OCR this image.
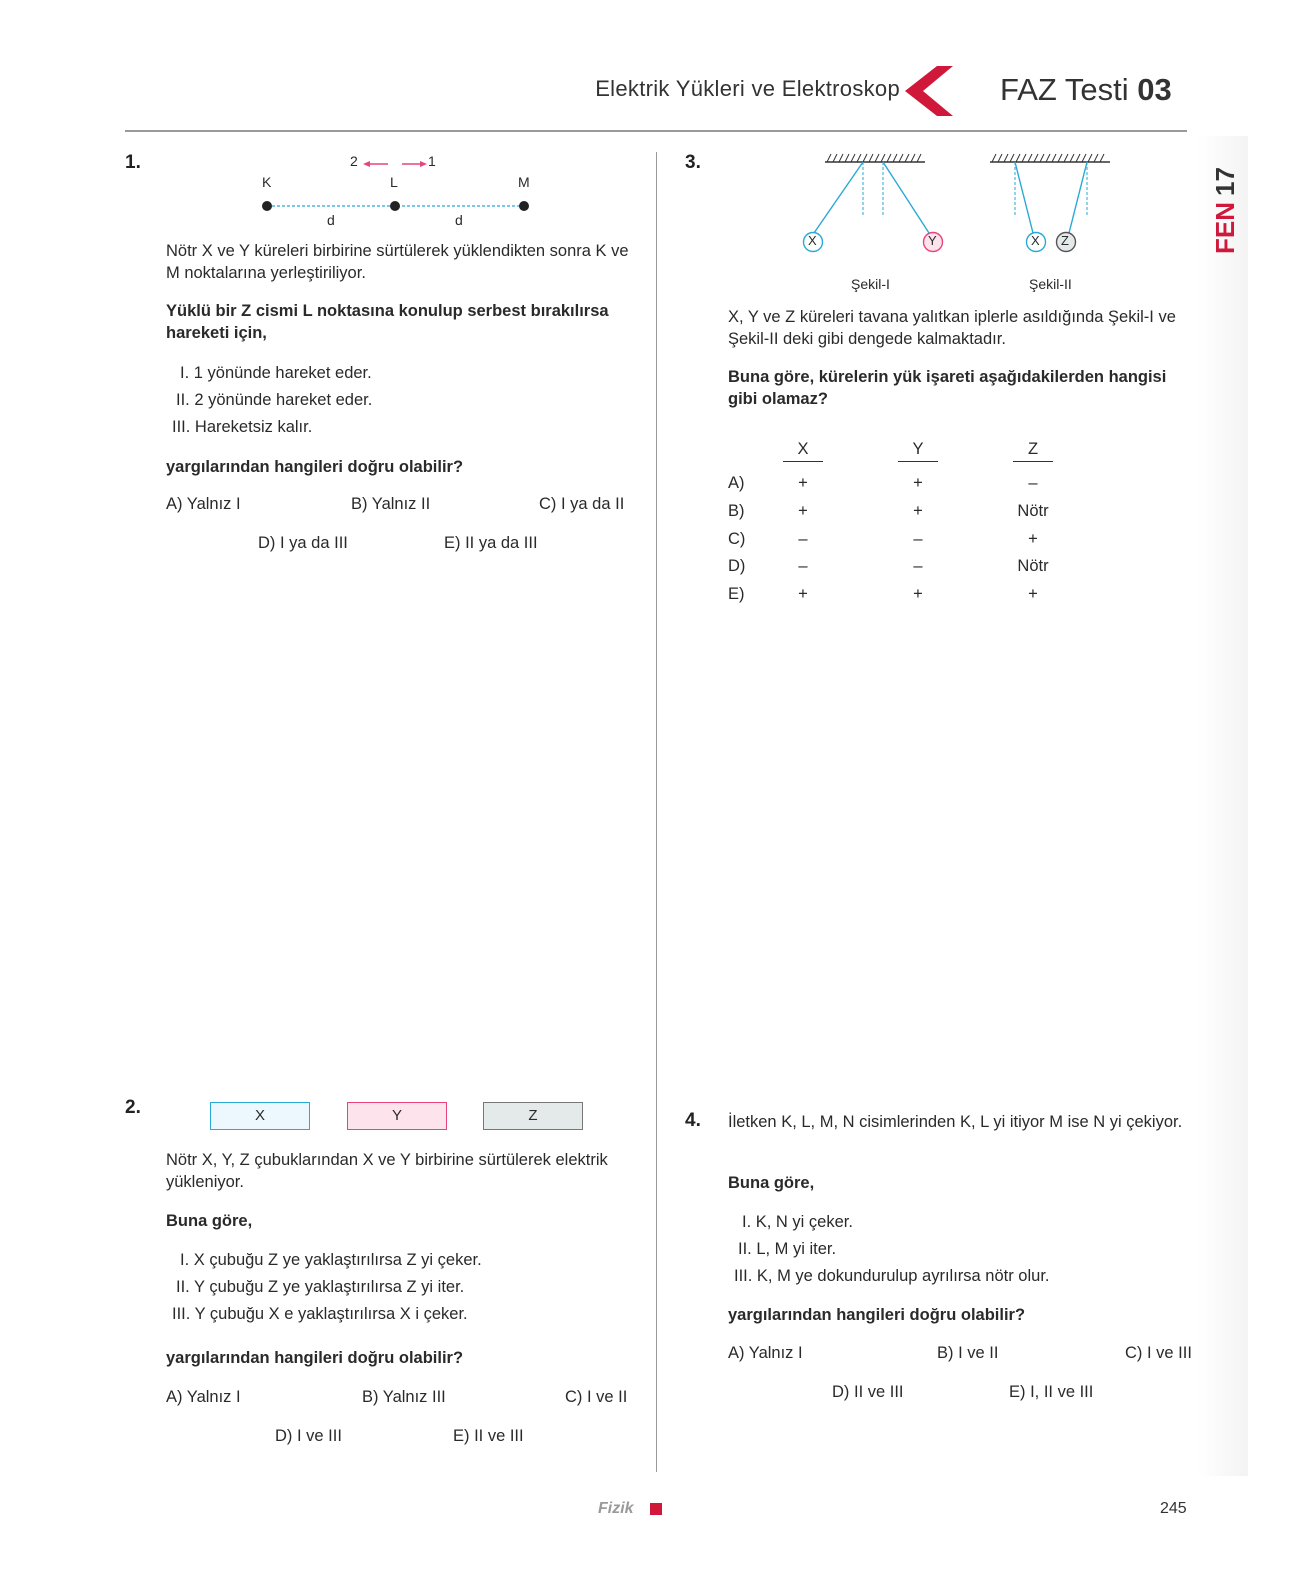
Elektrik Yükleri ve Elektroskop	FAZ Testi 03
FEN
17
1.	2	1
K	L	M
d	d
Nötr X ve Y küreleri birbirine sürtülerek yüklendikten sonra K ve M noktalarına yerleştiriliyor.
Yüklü bir Z cismi L noktasına konulup serbest bırakılırsa hareketi için,
I. 1 yönünde hareket eder.
II. 2 yönünde hareket eder.
III. Hareketsiz kalır.
yargılarından hangileri doğru olabilir?
A) Yalnız I	B) Yalnız II	C) I ya da II
D) I ya da III	E) II ya da III
2.	X	Y	Z
Nötr X, Y, Z çubuklarından X ve Y birbirine sürtülerek elektrik yükleniyor.
Buna göre,
I. X çubuğu Z ye yaklaştırılırsa Z yi çeker.
II. Y çubuğu Z ye yaklaştırılırsa Z yi iter.
III. Y çubuğu X e yaklaştırılırsa X i çeker.
yargılarından hangileri doğru olabilir?
A) Yalnız I	B) Yalnız III	C) I ve II
D) I ve III	E) II ve III
3.
X	Y	X Z
Şekil-I	Şekil-II
X, Y ve Z küreleri tavana yalıtkan iplerle asıldığında Şekil-I ve Şekil-II deki gibi dengede kalmaktadır.
Buna göre, kürelerin yük işareti aşağıdakilerden hangisi gibi olamaz?
X	Y	Z
A)	+	+	–
B)	+	+	Nötr
C)	–	–	+
D)	–	–	Nötr
E)	+	+	+
4. İletken K, L, M, N cisimlerinden K, L yi itiyor M ise N yi çekiyor.
Buna göre,
I. K, N yi çeker.
II. L, M yi iter.
III. K, M ye dokundurulup ayrılırsa nötr olur.
yargılarından hangileri doğru olabilir?
A) Yalnız I	B) I ve II	C) I ve III
D) II ve III	E) I, II ve III
Fizik	245
